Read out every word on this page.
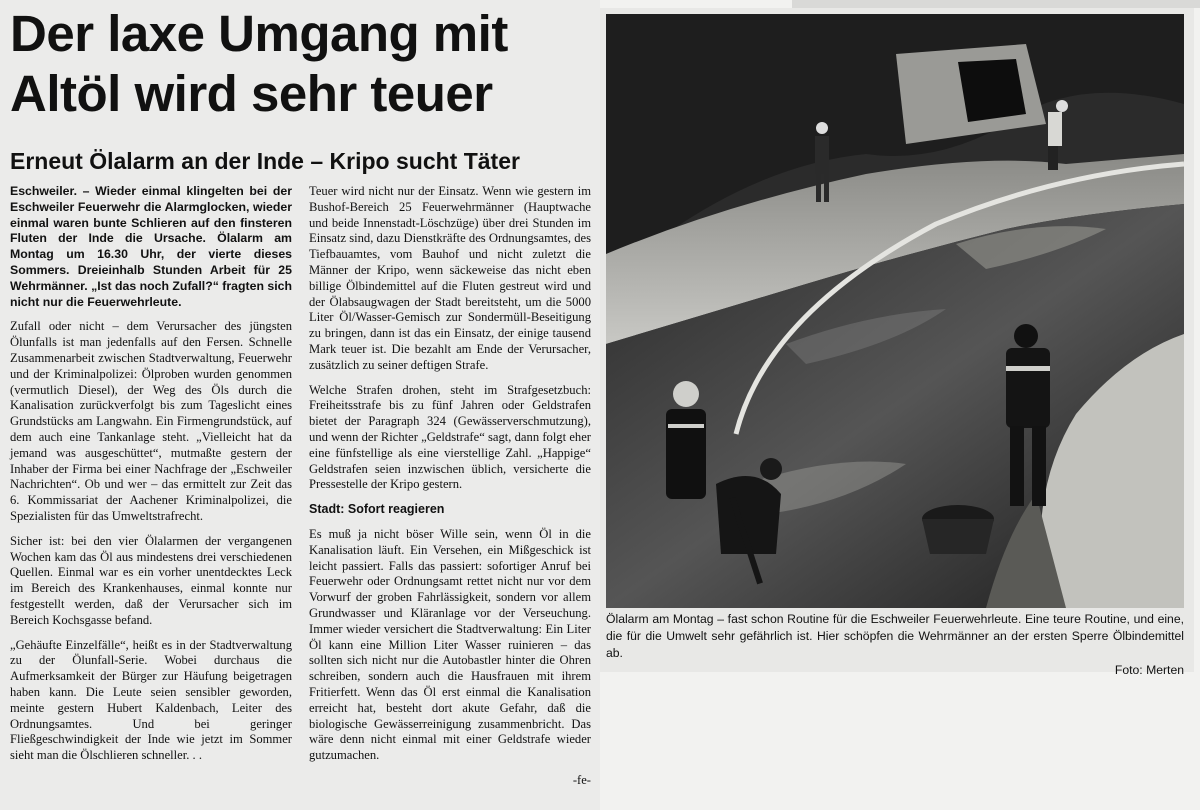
Der laxe Umgang mit Altöl wird sehr teuer
Erneut Ölalarm an der Inde – Kripo sucht Täter

Eschweiler. – Wieder einmal klingelten bei der Eschweiler Feuerwehr die Alarmglocken, wieder einmal waren bunte Schlieren auf den finsteren Fluten der Inde die Ursache. Ölalarm am Montag um 16.30 Uhr, der vierte dieses Sommers. Dreieinhalb Stunden Arbeit für 25 Wehrmänner. „Ist das noch Zufall?“ fragten sich nicht nur die Feuerwehrleute.

Zufall oder nicht – dem Verursacher des jüngsten Ölunfalls ist man jedenfalls auf den Fersen. Schnelle Zusammenarbeit zwischen Stadtverwaltung, Feuerwehr und der Kriminalpolizei: Ölproben wurden genommen (vermutlich Diesel), der Weg des Öls durch die Kanalisation zurückverfolgt bis zum Tageslicht eines Grundstücks am Langwahn. Ein Firmengrundstück, auf dem auch eine Tankanlage steht. „Vielleicht hat da jemand was ausgeschüttet“, mutmaßte gestern der Inhaber der Firma bei einer Nachfrage der „Eschweiler Nachrichten“. Ob und wer – das ermittelt zur Zeit das 6. Kommissariat der Aachener Kriminalpolizei, die Spezialisten für das Umweltstrafrecht.

Sicher ist: bei den vier Ölalarmen der vergangenen Wochen kam das Öl aus mindestens drei verschiedenen Quellen. Einmal war es ein vorher unentdecktes Leck im Bereich des Krankenhauses, einmal konnte nur festgestellt werden, daß der Verursacher sich im Bereich Kochsgasse befand.

„Gehäufte Einzelfälle“, heißt es in der Stadtverwaltung zu der Ölunfall-Serie. Wobei durchaus die Aufmerksamkeit der Bürger zur Häufung beigetragen haben kann. Die Leute seien sensibler geworden, meinte gestern Hubert Kaldenbach, Leiter des Ordnungsamtes. Und bei geringer Fließgeschwindigkeit der Inde wie jetzt im Sommer sieht man die Ölschlieren schneller. . .

Teuer wird nicht nur der Einsatz. Wenn wie gestern im Bushof-Bereich 25 Feuerwehrmänner (Hauptwache und beide Innenstadt-Löschzüge) über drei Stunden im Einsatz sind, dazu Dienstkräfte des Ordnungsamtes, des Tiefbauamtes, vom Bauhof und nicht zuletzt die Männer der Kripo, wenn säckeweise das nicht eben billige Ölbindemittel auf die Fluten gestreut wird und der Ölabsaugwagen der Stadt bereitsteht, um die 5000 Liter Öl/Wasser-Gemisch zur Sondermüll-Beseitigung zu bringen, dann ist das ein Einsatz, der einige tausend Mark teuer ist. Die bezahlt am Ende der Verursacher, zusätzlich zu seiner deftigen Strafe.

Welche Strafen drohen, steht im Strafgesetzbuch: Freiheitsstrafe bis zu fünf Jahren oder Geldstrafen bietet der Paragraph 324 (Gewässerverschmutzung), und wenn der Richter „Geldstrafe“ sagt, dann folgt eher eine fünfstellige als eine vierstellige Zahl. „Happige“ Geldstrafen seien inzwischen üblich, versicherte die Pressestelle der Kripo gestern.

Stadt: Sofort reagieren

Es muß ja nicht böser Wille sein, wenn Öl in die Kanalisation läuft. Ein Versehen, ein Mißgeschick ist leicht passiert. Falls das passiert: sofortiger Anruf bei Feuerwehr oder Ordnungsamt rettet nicht nur vor dem Vorwurf der groben Fahrlässigkeit, sondern vor allem Grundwasser und Kläranlage vor der Verseuchung. Immer wieder versichert die Stadtverwaltung: Ein Liter Öl kann eine Million Liter Wasser ruinieren – das sollten sich nicht nur die Autobastler hinter die Ohren schreiben, sondern auch die Hausfrauen mit ihrem Fritierfett. Wenn das Öl erst einmal die Kanalisation erreicht hat, besteht dort akute Gefahr, daß die biologische Gewässerreinigung zusammenbricht. Das wäre denn nicht einmal mit einer Geldstrafe wieder gutzumachen.

-fe-

Ölalarm am Montag – fast schon Routine für die Eschweiler Feuerwehrleute. Eine teure Routine, und eine, die für die Umwelt sehr gefährlich ist. Hier schöpfen die Wehrmänner an der ersten Sperre Ölbindemittel ab.
Foto: Merten
